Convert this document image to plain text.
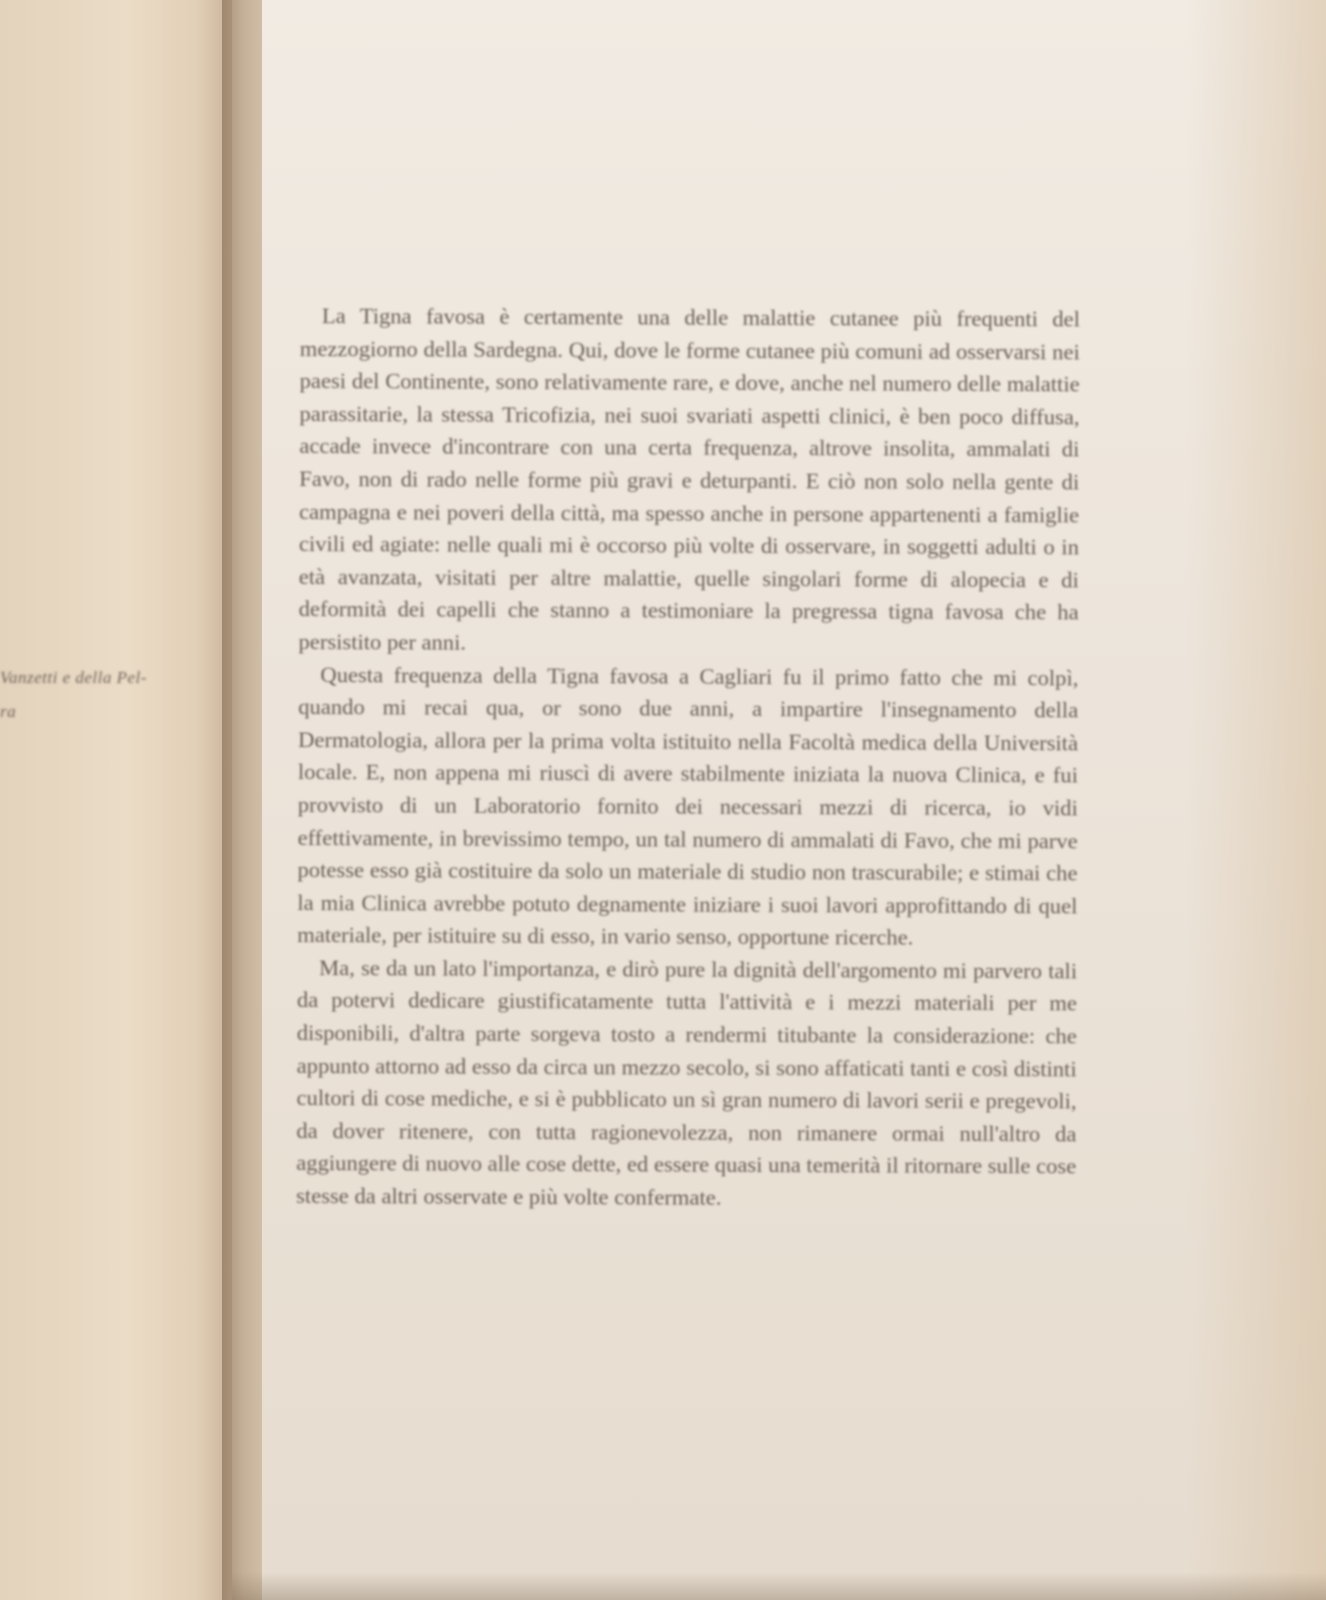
Vanzetti e della Pel-
ra

La Tigna favosa è certamente una delle malattie cutanee più frequenti del mezzogiorno della Sardegna. Qui, dove le forme cutanee più comuni ad osservarsi nei paesi del Continente, sono relativamente rare, e dove, anche nel numero delle malattie parassitarie, la stessa Tricofizia, nei suoi svariati aspetti clinici, è ben poco diffusa, accade invece d'incontrare con una certa frequenza, altrove insolita, ammalati di Favo, non di rado nelle forme più gravi e deturpanti. E ciò non solo nella gente di campagna e nei poveri della città, ma spesso anche in persone appartenenti a famiglie civili ed agiate: nelle quali mi è occorso più volte di osservare, in soggetti adulti o in età avanzata, visitati per altre malattie, quelle singolari forme di alopecia e di deformità dei capelli che stanno a testimoniare la pregressa tigna favosa che ha persistito per anni.

Questa frequenza della Tigna favosa a Cagliari fu il primo fatto che mi colpì, quando mi recai qua, or sono due anni, a impartire l'insegnamento della Dermatologia, allora per la prima volta istituito nella Facoltà medica della Università locale. E, non appena mi riuscì di avere stabilmente iniziata la nuova Clinica, e fui provvisto di un Laboratorio fornito dei necessari mezzi di ricerca, io vidi effettivamente, in brevissimo tempo, un tal numero di ammalati di Favo, che mi parve potesse esso già costituire da solo un materiale di studio non trascurabile; e stimai che la mia Clinica avrebbe potuto degnamente iniziare i suoi lavori approfittando di quel materiale, per istituire su di esso, in vario senso, opportune ricerche.

Ma, se da un lato l'importanza, e dirò pure la dignità dell'argomento mi parvero tali da potervi dedicare giustificatamente tutta l'attività e i mezzi materiali per me disponibili, d'altra parte sorgeva tosto a rendermi titubante la considerazione: che appunto attorno ad esso da circa un mezzo secolo, si sono affaticati tanti e così distinti cultori di cose mediche, e si è pubblicato un sì gran numero di lavori serii e pregevoli, da dover ritenere, con tutta ragionevolezza, non rimanere ormai null'altro da aggiungere di nuovo alle cose dette, ed essere quasi una temerità il ritornare sulle cose stesse da altri osservate e più volte confermate.
